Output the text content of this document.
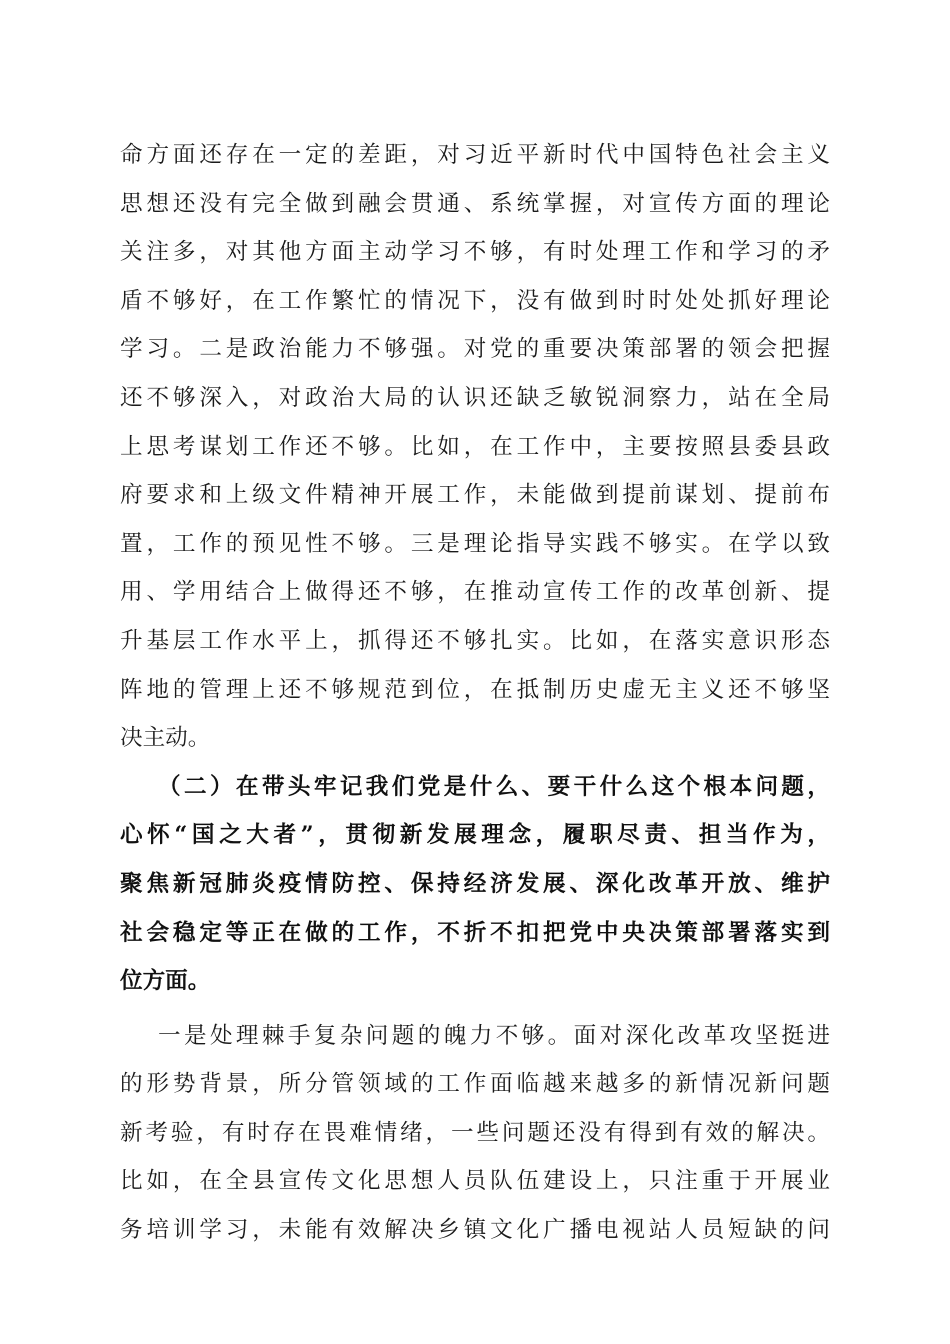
命方面还存在一定的差距，对习近平新时代中国特色社会主义
思想还没有完全做到融会贯通、系统掌握，对宣传方面的理论
关注多，对其他方面主动学习不够，有时处理工作和学习的矛
盾不够好，在工作繁忙的情况下，没有做到时时处处抓好理论
学习。二是政治能力不够强。对党的重要决策部署的领会把握
还不够深入，对政治大局的认识还缺乏敏锐洞察力，站在全局
上思考谋划工作还不够。比如，在工作中，主要按照县委县政
府要求和上级文件精神开展工作，未能做到提前谋划、提前布
置，工作的预见性不够。三是理论指导实践不够实。在学以致
用、学用结合上做得还不够，在推动宣传工作的改革创新、提
升基层工作水平上，抓得还不够扎实。比如，在落实意识形态
阵地的管理上还不够规范到位，在抵制历史虚无主义还不够坚
决主动。
（二）在带头牢记我们党是什么、要干什么这个根本问题，
心怀“国之大者”，贯彻新发展理念，履职尽责、担当作为，
聚焦新冠肺炎疫情防控、保持经济发展、深化改革开放、维护
社会稳定等正在做的工作，不折不扣把党中央决策部署落实到
位方面。
一是处理棘手复杂问题的魄力不够。面对深化改革攻坚挺进
的形势背景，所分管领域的工作面临越来越多的新情况新问题
新考验，有时存在畏难情绪，一些问题还没有得到有效的解决。
比如，在全县宣传文化思想人员队伍建设上，只注重于开展业
务培训学习，未能有效解决乡镇文化广播电视站人员短缺的问
